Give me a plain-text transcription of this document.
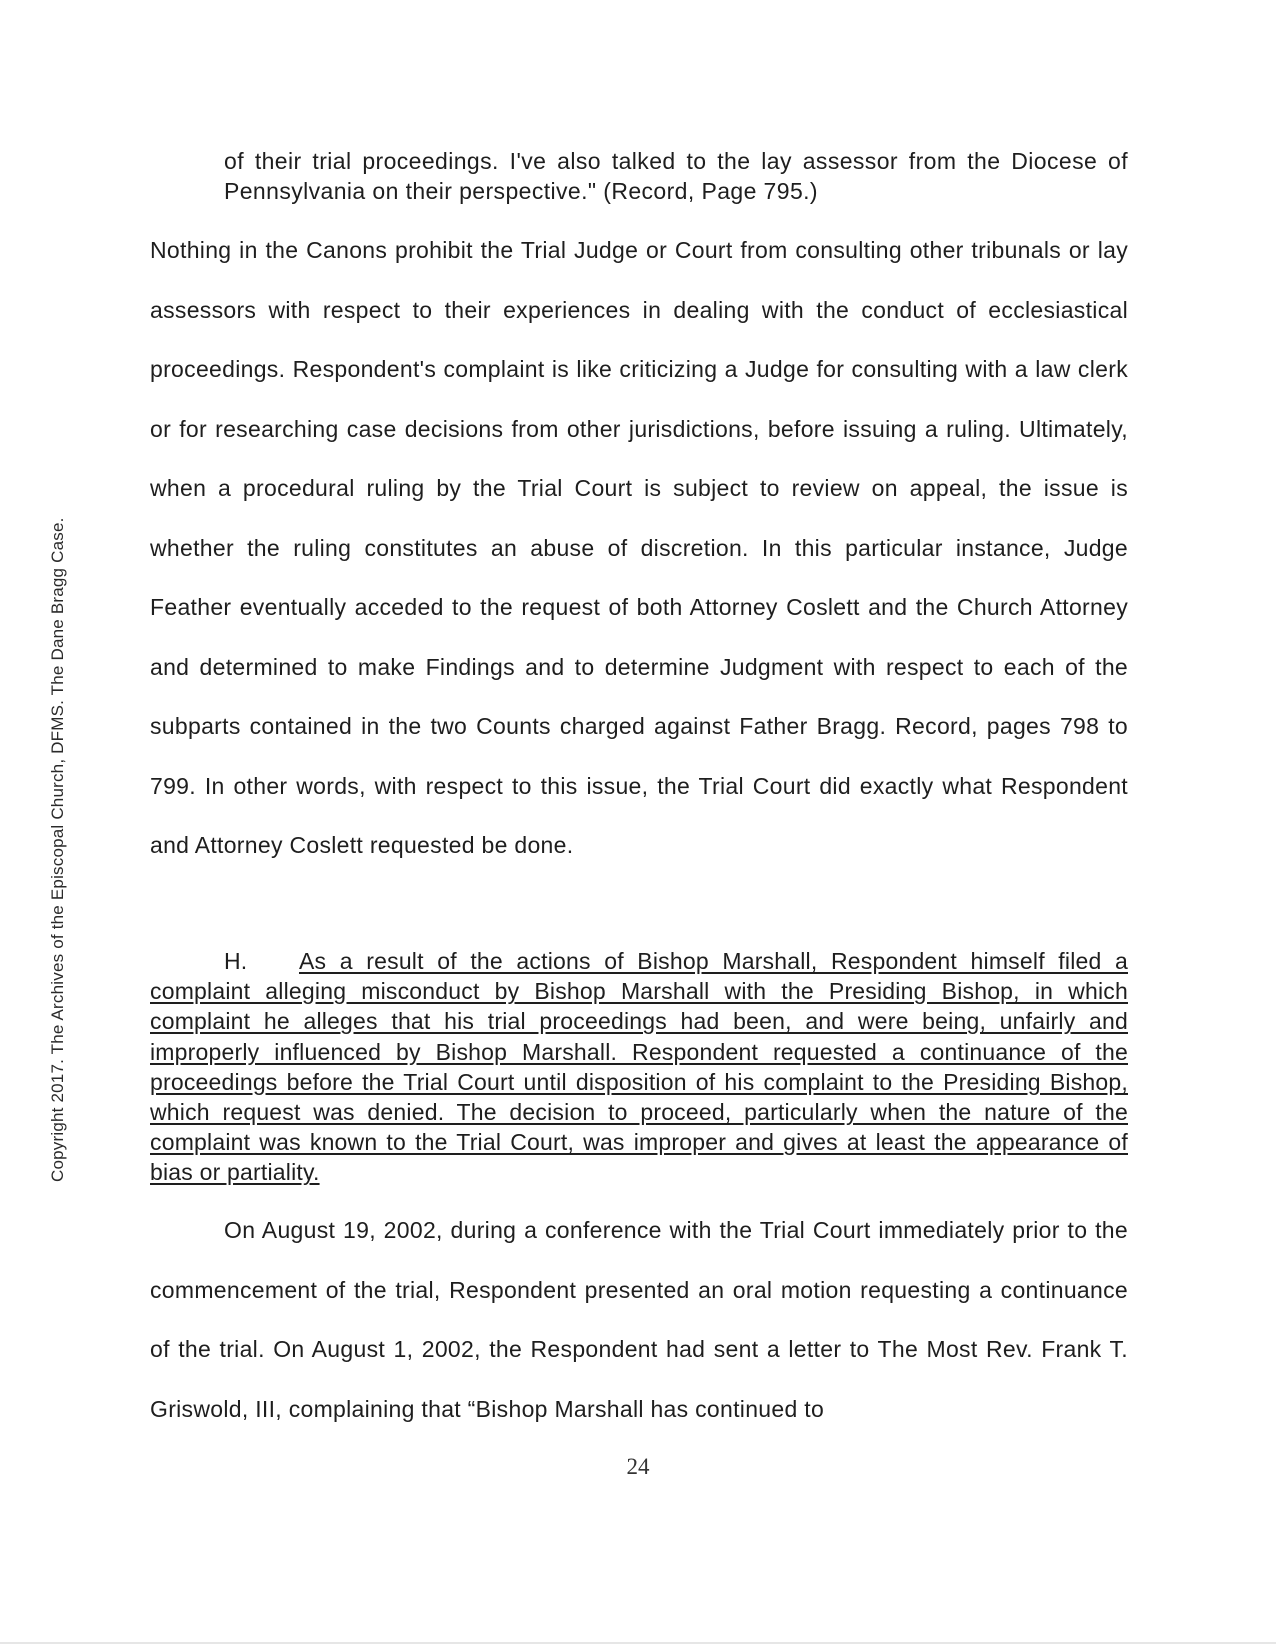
Copyright 2017. The Archives of the Episcopal Church, DFMS. The Dane Bragg Case.
of their trial proceedings. I've also talked to the lay assessor from the Diocese of Pennsylvania on their perspective." (Record, Page 795.)
Nothing in the Canons prohibit the Trial Judge or Court from consulting other tribunals or lay assessors with respect to their experiences in dealing with the conduct of ecclesiastical proceedings. Respondent's complaint is like criticizing a Judge for consulting with a law clerk or for researching case decisions from other jurisdictions, before issuing a ruling. Ultimately, when a procedural ruling by the Trial Court is subject to review on appeal, the issue is whether the ruling constitutes an abuse of discretion. In this particular instance, Judge Feather eventually acceded to the request of both Attorney Coslett and the Church Attorney and determined to make Findings and to determine Judgment with respect to each of the subparts contained in the two Counts charged against Father Bragg. Record, pages 798 to 799. In other words, with respect to this issue, the Trial Court did exactly what Respondent and Attorney Coslett requested be done.
H. As a result of the actions of Bishop Marshall, Respondent himself filed a complaint alleging misconduct by Bishop Marshall with the Presiding Bishop, in which complaint he alleges that his trial proceedings had been, and were being, unfairly and improperly influenced by Bishop Marshall. Respondent requested a continuance of the proceedings before the Trial Court until disposition of his complaint to the Presiding Bishop, which request was denied. The decision to proceed, particularly when the nature of the complaint was known to the Trial Court, was improper and gives at least the appearance of bias or partiality.
On August 19, 2002, during a conference with the Trial Court immediately prior to the commencement of the trial, Respondent presented an oral motion requesting a continuance of the trial. On August 1, 2002, the Respondent had sent a letter to The Most Rev. Frank T. Griswold, III, complaining that “Bishop Marshall has continued to
24
